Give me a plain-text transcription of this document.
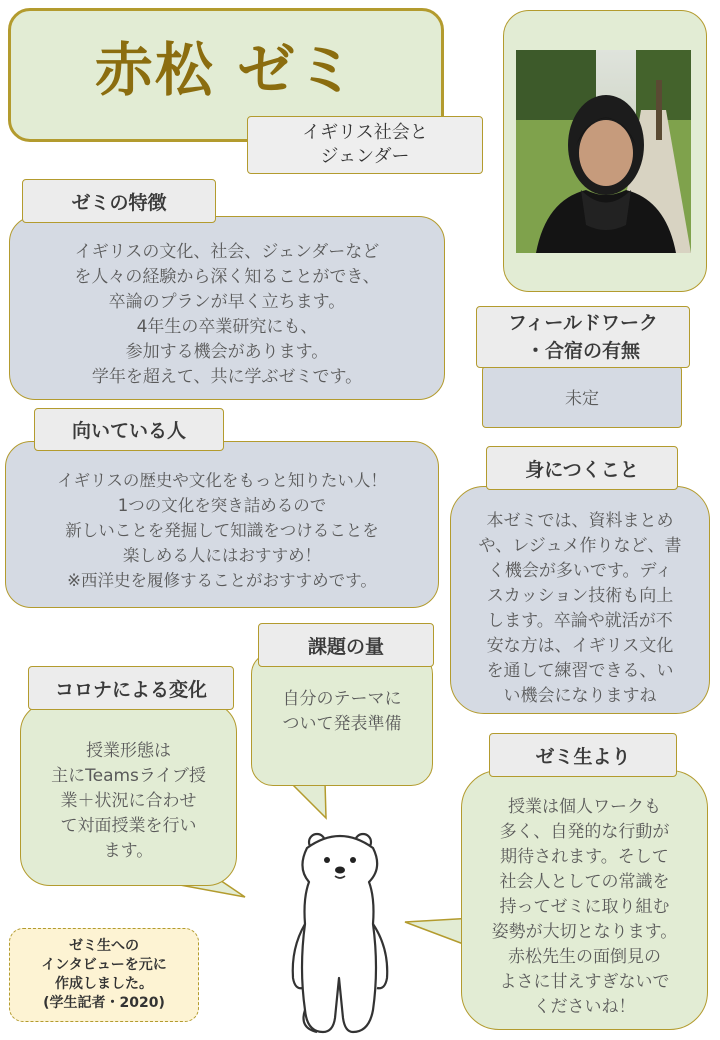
赤松 ゼミ
イギリス社会と
ジェンダー
イギリスの文化、社会、ジェンダーなど
を人々の経験から深く知ることができ、
卒論のプランが早く立ちます。
4年生の卒業研究にも、
参加する機会があります。
学年を超えて、共に学ぶゼミです。
ゼミの特徴
未定
フィールドワーク
・合宿の有無
イギリスの歴史や文化をもっと知りたい人！
1つの文化を突き詰めるので
新しいことを発掘して知識をつけることを
楽しめる人にはおすすめ！
※西洋史を履修することがおすすめです。
向いている人
本ゼミでは、資料まとめ
や、レジュメ作りなど、書
く機会が多いです。ディ
スカッション技術も向上
します。卒論や就活が不
安な方は、イギリス文化
を通して練習できる、い
い機会になりますね
身につくこと
自分のテーマに
ついて発表準備
課題の量
授業形態は
主にTeamsライブ授
業＋状況に合わせ
て対面授業を行い
ます。
コロナによる変化
授業は個人ワークも
多く、自発的な行動が
期待されます。そして
社会人としての常識を
持ってゼミに取り組む
姿勢が大切となります。
赤松先生の面倒見の
よさに甘えすぎないで
くださいね！
ゼミ生より
ゼミ生への
インタビューを元に
作成しました。
(学生記者・2020)
